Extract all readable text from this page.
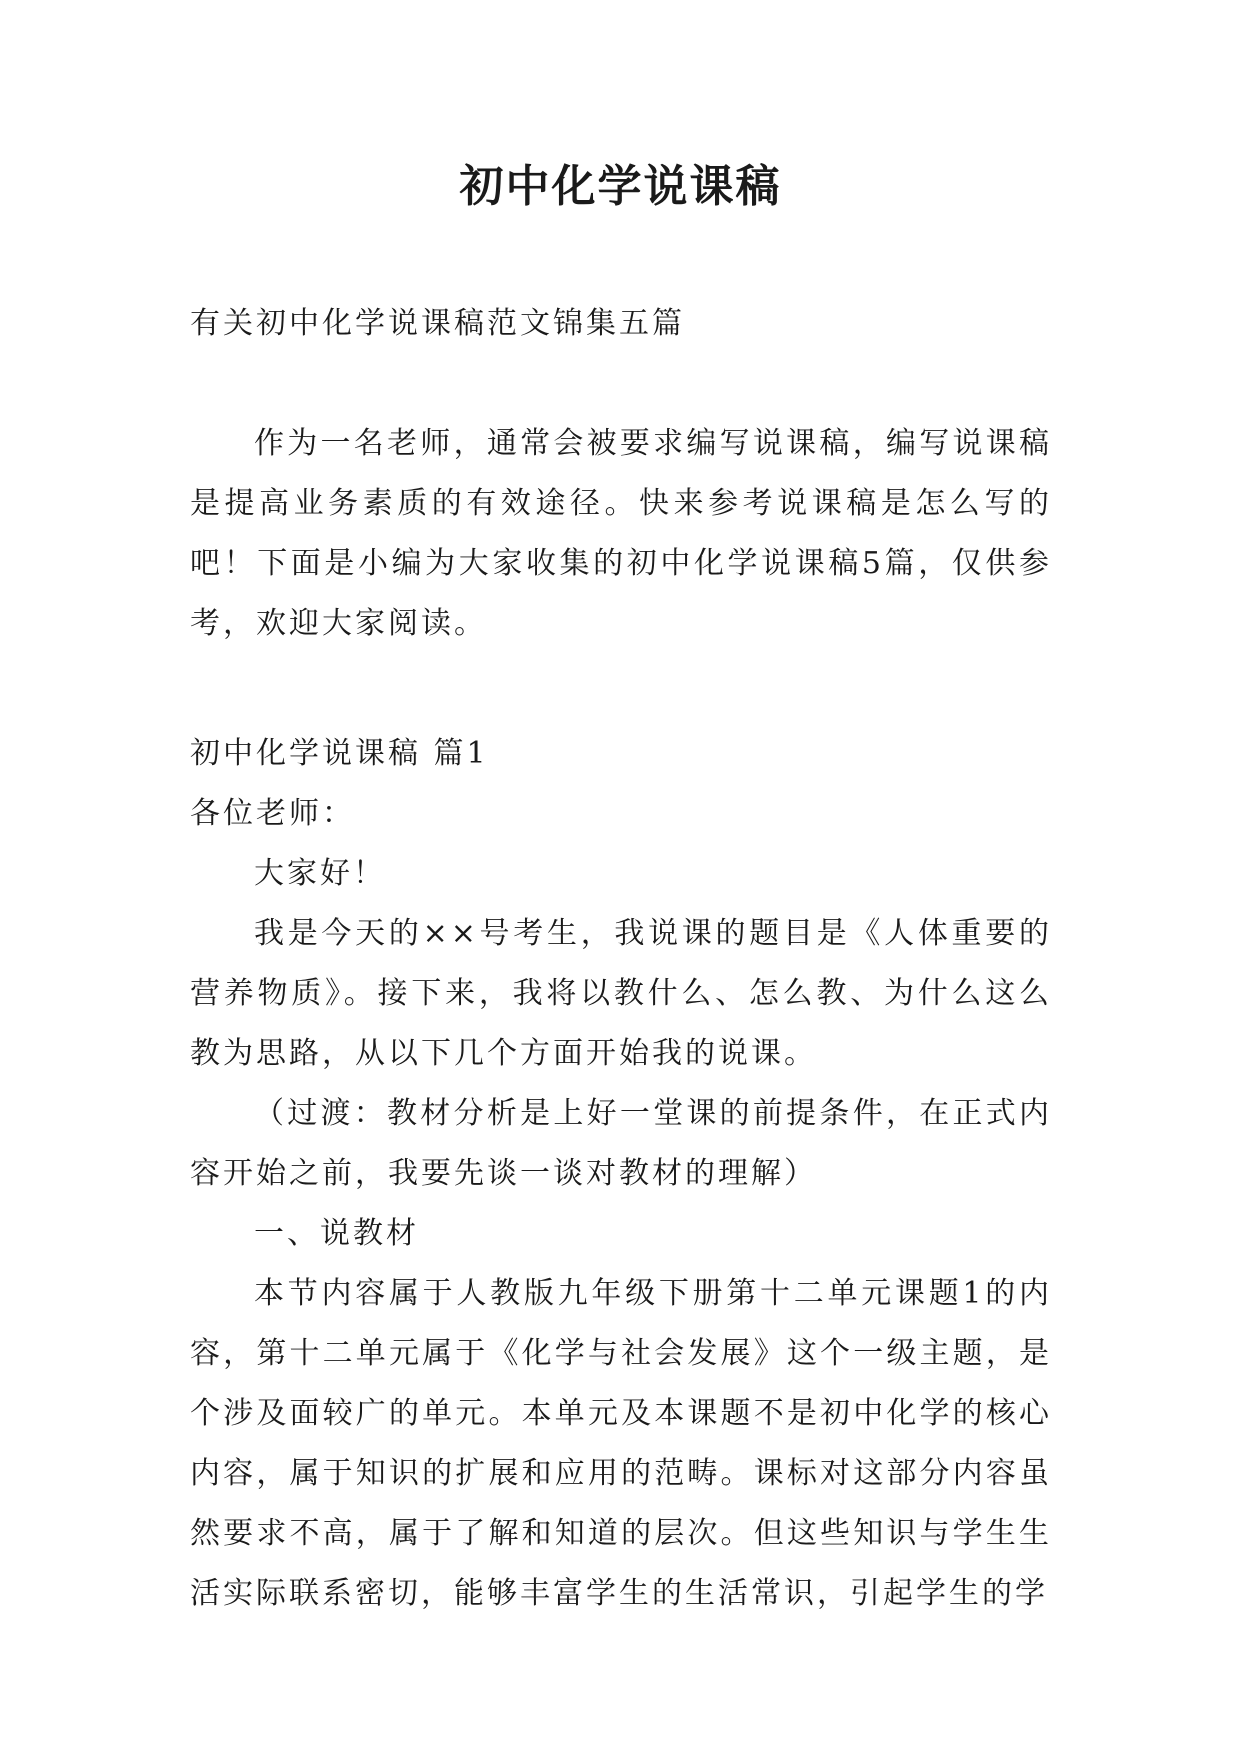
初中化学说课稿

有关初中化学说课稿范文锦集五篇

作为一名老师，通常会被要求编写说课稿，编写说课稿是提高业务素质的有效途径。快来参考说课稿是怎么写的吧！下面是小编为大家收集的初中化学说课稿5篇，仅供参考，欢迎大家阅读。

初中化学说课稿 篇1

各位老师：

大家好！

我是今天的××号考生，我说课的题目是《人体重要的营养物质》。接下来，我将以教什么、怎么教、为什么这么教为思路，从以下几个方面开始我的说课。

（过渡：教材分析是上好一堂课的前提条件，在正式内容开始之前，我要先谈一谈对教材的理解）

一、说教材

本节内容属于人教版九年级下册第十二单元课题1的内容，第十二单元属于《化学与社会发展》这个一级主题，是个涉及面较广的单元。本单元及本课题不是初中化学的核心内容，属于知识的扩展和应用的范畴。课标对这部分内容虽然要求不高，属于了解和知道的层次。但这些知识与学生生活实际联系密切，能够丰富学生的生活常识，引起学生的学
